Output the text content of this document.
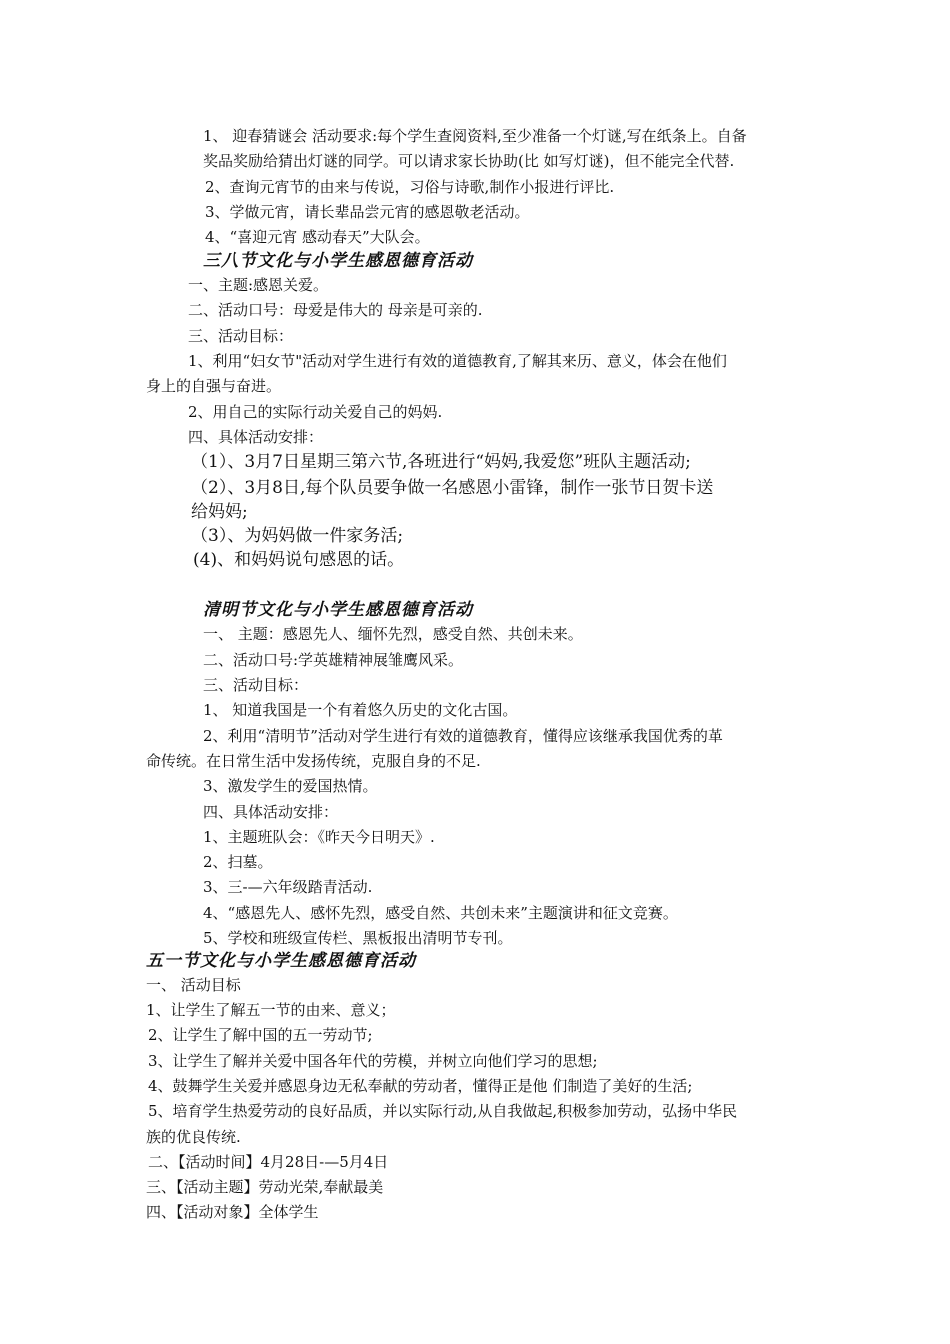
1、 迎春猜谜会 活动要求:每个学生查阅资料,至少准备一个灯谜,写在纸条上。自备
奖品奖励给猜出灯谜的同学。可以请求家长协助(比 如写灯谜)，但不能完全代替.
2、查询元宵节的由来与传说，习俗与诗歌,制作小报进行评比.
3、学做元宵，请长辈品尝元宵的感恩敬老活动。
4、“喜迎元宵 感动春天”大队会。
三八节文化与小学生感恩德育活动
一、主题:感恩关爱。
二、活动口号：母爱是伟大的 母亲是可亲的.
三、活动目标：
1、利用“妇女节"活动对学生进行有效的道德教育,了解其来历、意义，体会在他们
身上的自强与奋进。
2、用自己的实际行动关爱自己的妈妈.
四、具体活动安排：
（1）、3月7日星期三第六节,各班进行“妈妈,我爱您”班队主题活动;
（2）、3月8日,每个队员要争做一名感恩小雷锋，制作一张节日贺卡送
给妈妈;
（3）、为妈妈做一件家务活;
(4)、和妈妈说句感恩的话。
清明节文化与小学生感恩德育活动
一、 主题：感恩先人、缅怀先烈，感受自然、共创未来。
二、活动口号:学英雄精神展雏鹰风采。
三、活动目标：
1、 知道我国是一个有着悠久历史的文化古国。
2、利用“清明节”活动对学生进行有效的道德教育，懂得应该继承我国优秀的革
命传统。在日常生活中发扬传统，克服自身的不足.
3、激发学生的爱国热情。
四、具体活动安排：
1、主题班队会：《昨天今日明天》.
2、扫墓。
3、三-—六年级踏青活动.
4、“感恩先人、感怀先烈，感受自然、共创未来”主题演讲和征文竞赛。
5、学校和班级宣传栏、黑板报出清明节专刊。
五一节文化与小学生感恩德育活动
一、 活动目标
1、让学生了解五一节的由来、意义；
2、让学生了解中国的五一劳动节;
3、让学生了解并关爱中国各年代的劳模，并树立向他们学习的思想;
4、鼓舞学生关爱并感恩身边无私奉献的劳动者，懂得正是他 们制造了美好的生活;
5、培育学生热爱劳动的良好品质，并以实际行动,从自我做起,积极参加劳动，弘扬中华民
族的优良传统.
二、【活动时间】4月28日-—5月4日
三、【活动主题】劳动光荣,奉献最美
四、【活动对象】全体学生
